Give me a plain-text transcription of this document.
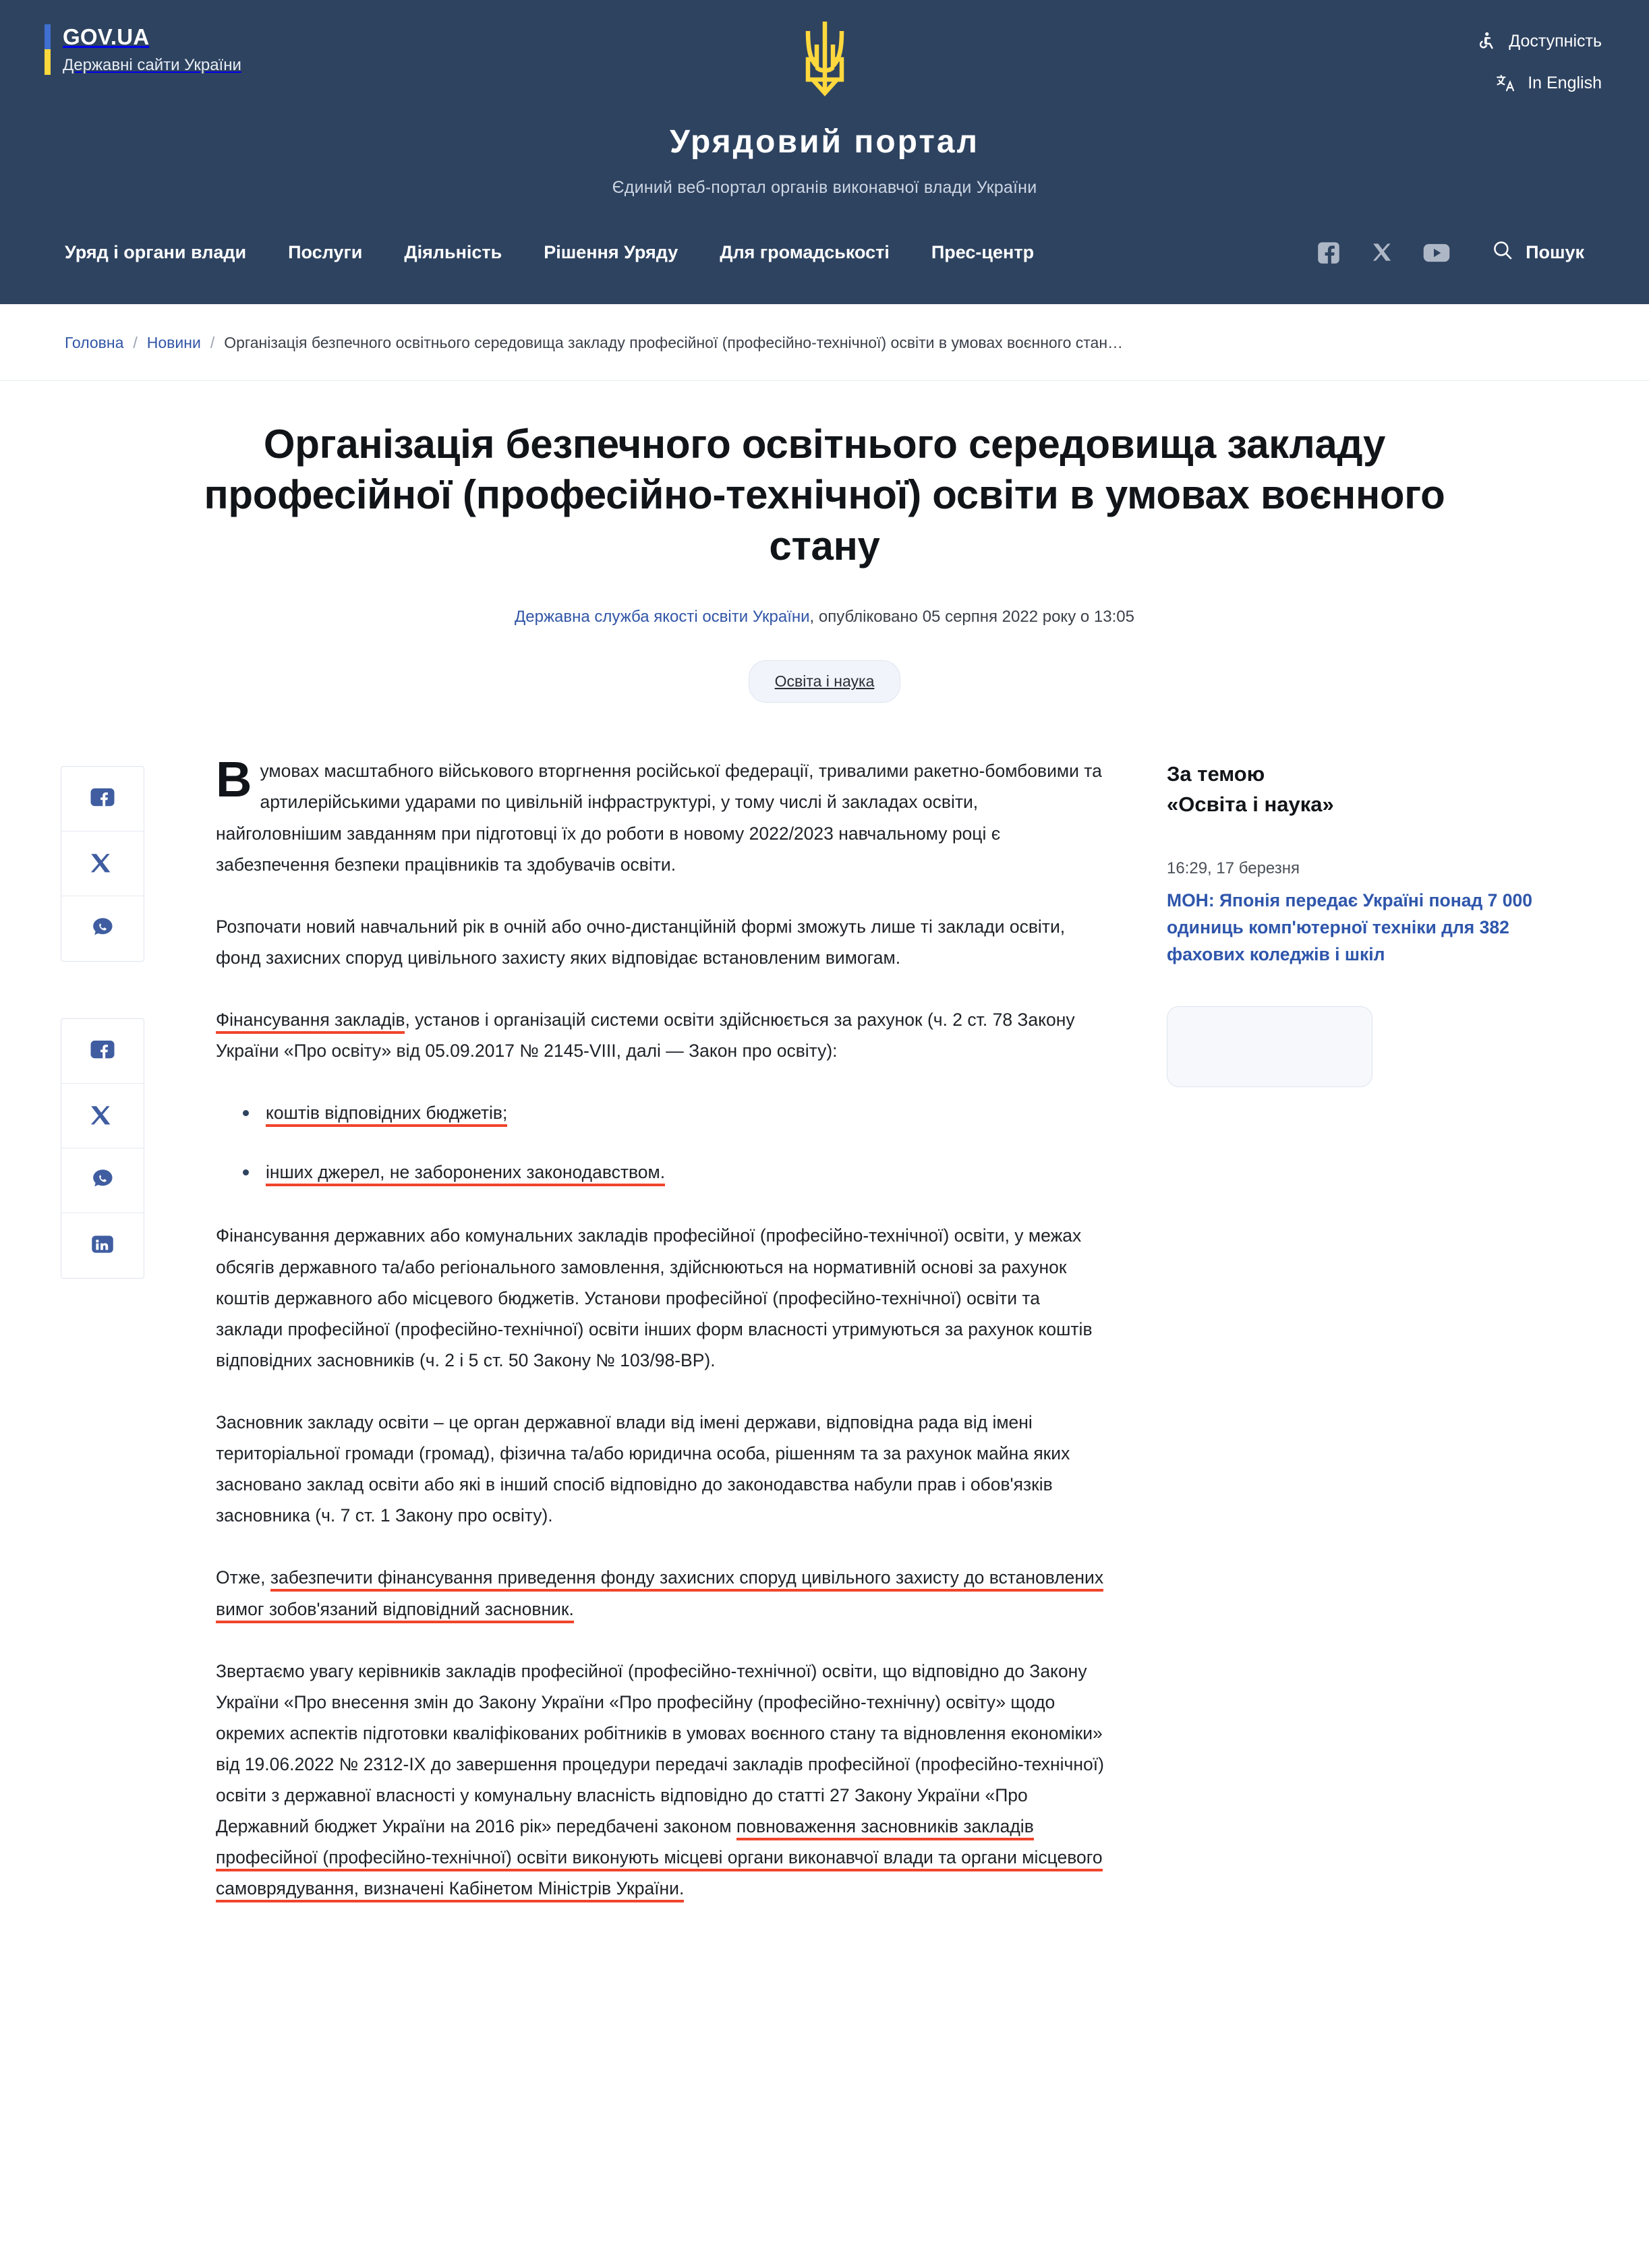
GOV.UA
Державні сайти України
Доступність
In English
Урядовий портал
Єдиний веб-портал органів виконавчої влади України
Уряд і органи влади Послуги Діяльність Рішення Уряду Для громадськості Прес-центр	Пошук
Головна / Новини / Організація безпечного освітнього середовища закладу професійної (професійно-технічної) освіти в умовах воєнного стан…
Організація безпечного освітнього середовища закладу професійної (професійно-технічної) освіти в умовах воєнного стану
Державна служба якості освіти України, опубліковано 05 серпня 2022 року о 13:05
Освіта і наука

В умовах масштабного військового вторгнення російської федерації, тривалими ракетно-бомбовими та артилерійськими ударами по цивільній інфраструктурі, у тому числі й закладах освіти, найголовнішим завданням при підготовці їх до роботи в новому 2022/2023 навчальному році є забезпечення безпеки працівників та здобувачів освіти.

Розпочати новий навчальний рік в очній або очно-дистанційній формі зможуть лише ті заклади освіти, фонд захисних споруд цивільного захисту яких відповідає встановленим вимогам.

Фінансування закладів, установ і організацій системи освіти здійснюється за рахунок (ч. 2 ст. 78 Закону України «Про освіту» від 05.09.2017 № 2145-VIII, далі — Закон про освіту):

коштів відповідних бюджетів;
інших джерел, не заборонених законодавством.

Фінансування державних або комунальних закладів професійної (професійно-технічної) освіти, у межах обсягів державного та/або регіонального замовлення, здійснюються на нормативній основі за рахунок коштів державного або місцевого бюджетів. Установи професійної (професійно-технічної) освіти та заклади професійної (професійно-технічної) освіти інших форм власності утримуються за рахунок коштів відповідних засновників (ч. 2 і 5 ст. 50 Закону № 103/98-ВР).

Засновник закладу освіти – це орган державної влади від імені держави, відповідна рада від імені територіальної громади (громад), фізична та/або юридична особа, рішенням та за рахунок майна яких засновано заклад освіти або які в інший спосіб відповідно до законодавства набули прав і обов'язків засновника (ч. 7 ст. 1 Закону про освіту).

Отже, забезпечити фінансування приведення фонду захисних споруд цивільного захисту до встановлених вимог зобов'язаний відповідний засновник.

Звертаємо увагу керівників закладів професійної (професійно-технічної) освіти, що відповідно до Закону України «Про внесення змін до Закону України «Про професійну (професійно-технічну) освіту» щодо окремих аспектів підготовки кваліфікованих робітників в умовах воєнного стану та відновлення економіки» від 19.06.2022 № 2312-IX до завершення процедури передачі закладів професійної (професійно-технічної) освіти з державної власності у комунальну власність відповідно до статті 27 Закону України «Про Державний бюджет України на 2016 рік» передбачені законом повноваження засновників закладів професійної (професійно-технічної) освіти виконують місцеві органи виконавчої влади та органи місцевого самоврядування, визначені Кабінетом Міністрів України.

За темою
«Освіта і наука»
16:29, 17 березня
МОН: Японія передає Україні понад 7 000 одиниць комп'ютерної техніки для 382 фахових коледжів і шкіл
